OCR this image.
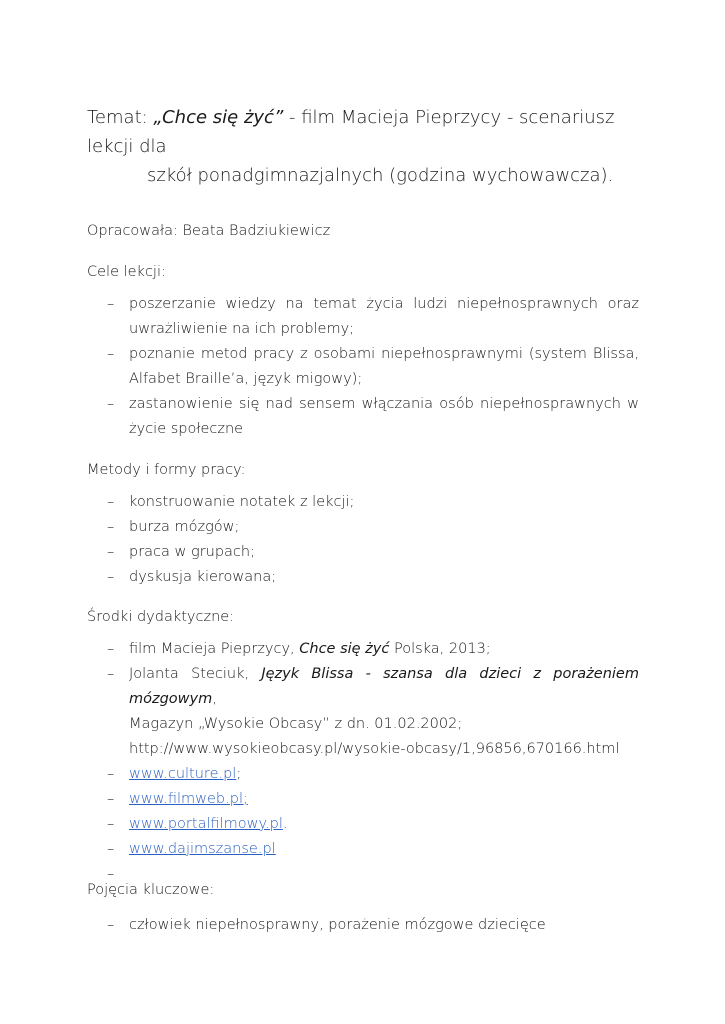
Temat: „Chce się żyć” - film Macieja Pieprzycy - scenariusz lekcji dla
szkół ponadgimnazjalnych (godzina wychowawcza).
Opracowała: Beata Badziukiewicz
Cele lekcji:
– poszerzanie wiedzy na temat życia ludzi niepełnosprawnych oraz uwrażliwienie na ich problemy;
– poznanie metod pracy z osobami niepełnosprawnymi (system Blissa, Alfabet Braille’a, język migowy);
– zastanowienie się nad sensem włączania osób niepełnosprawnych w życie społeczne
Metody i formy pracy:
– konstruowanie notatek z lekcji;
– burza mózgów;
– praca w grupach;
– dyskusja kierowana;
Środki dydaktyczne:
– film Macieja Pieprzycy, Chce się żyć Polska, 2013;
– Jolanta Steciuk, Język Blissa - szansa dla dzieci z porażeniem mózgowym,
Magazyn „Wysokie Obcasy” z dn. 01.02.2002;
http://www.wysokieobcasy.pl/wysokie-obcasy/1,96856,670166.html
– www.culture.pl;
– www.filmweb.pl;
– www.portalfilmowy.pl.
– www.dajimszanse.pl
–

Pojęcia kluczowe:
– człowiek niepełnosprawny, porażenie mózgowe dziecięce
